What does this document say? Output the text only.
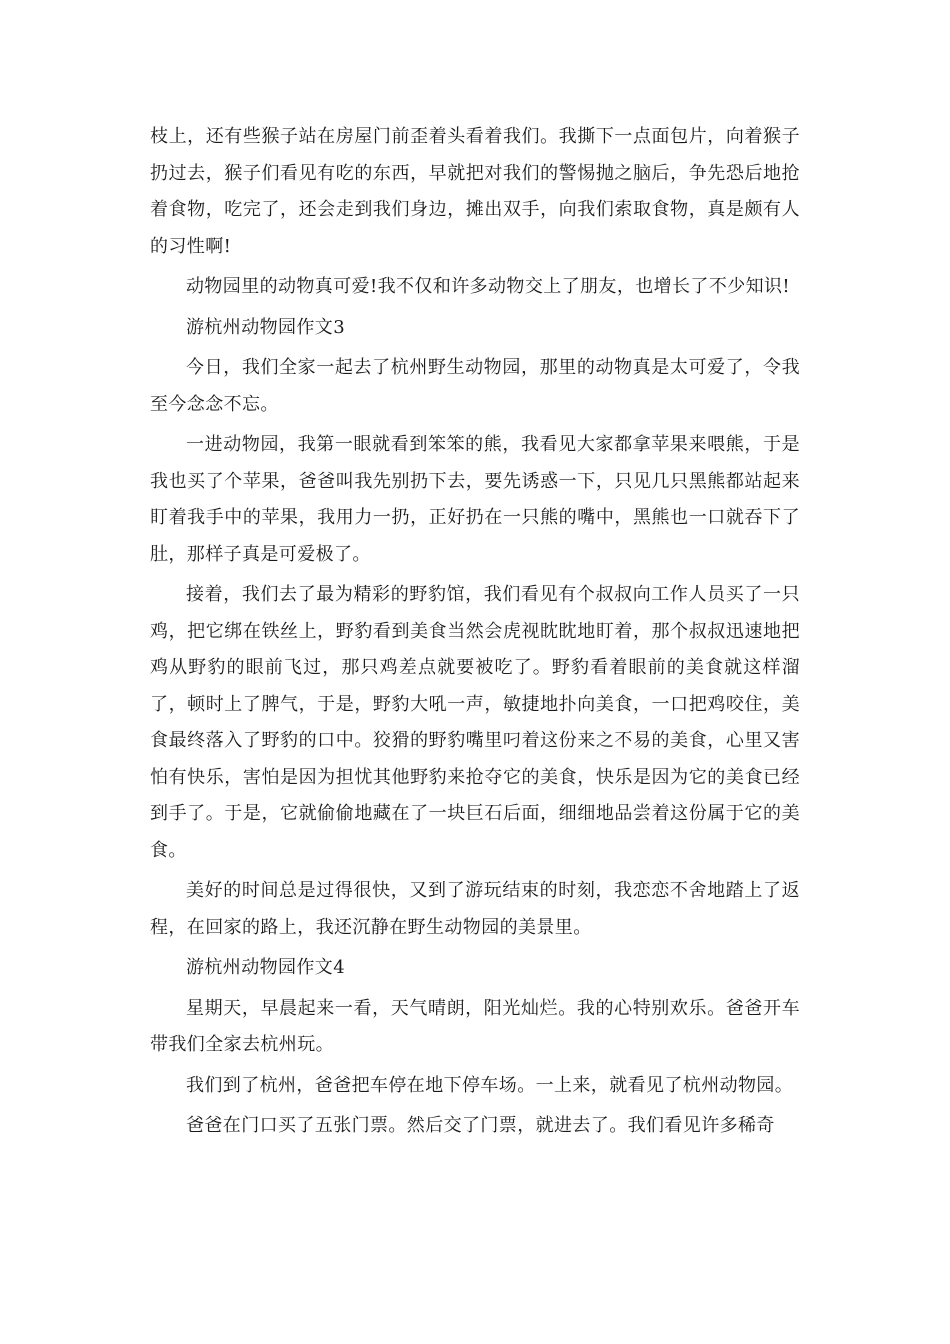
枝上，还有些猴子站在房屋门前歪着头看着我们。我撕下一点面包片，向着猴子扔过去，猴子们看见有吃的东西，早就把对我们的警惕抛之脑后，争先恐后地抢着食物，吃完了，还会走到我们身边，摊出双手，向我们索取食物，真是颇有人的习性啊!

动物园里的动物真可爱!我不仅和许多动物交上了朋友，也增长了不少知识!

游杭州动物园作文3

今日，我们全家一起去了杭州野生动物园，那里的动物真是太可爱了，令我至今念念不忘。

一进动物园，我第一眼就看到笨笨的熊，我看见大家都拿苹果来喂熊，于是我也买了个苹果，爸爸叫我先别扔下去，要先诱惑一下，只见几只黑熊都站起来盯着我手中的苹果，我用力一扔，正好扔在一只熊的嘴中，黑熊也一口就吞下了肚，那样子真是可爱极了。

接着，我们去了最为精彩的野豹馆，我们看见有个叔叔向工作人员买了一只鸡，把它绑在铁丝上，野豹看到美食当然会虎视眈眈地盯着，那个叔叔迅速地把鸡从野豹的眼前飞过，那只鸡差点就要被吃了。野豹看着眼前的美食就这样溜了，顿时上了脾气，于是，野豹大吼一声，敏捷地扑向美食，一口把鸡咬住，美食最终落入了野豹的口中。狡猾的野豹嘴里叼着这份来之不易的美食，心里又害怕有快乐，害怕是因为担忧其他野豹来抢夺它的美食，快乐是因为它的美食已经到手了。于是，它就偷偷地藏在了一块巨石后面，细细地品尝着这份属于它的美食。

美好的时间总是过得很快，又到了游玩结束的时刻，我恋恋不舍地踏上了返程，在回家的路上，我还沉静在野生动物园的美景里。

游杭州动物园作文4

星期天，早晨起来一看，天气晴朗，阳光灿烂。我的心特别欢乐。爸爸开车带我们全家去杭州玩。

我们到了杭州，爸爸把车停在地下停车场。一上来，就看见了杭州动物园。

爸爸在门口买了五张门票。然后交了门票，就进去了。我们看见许多稀奇
